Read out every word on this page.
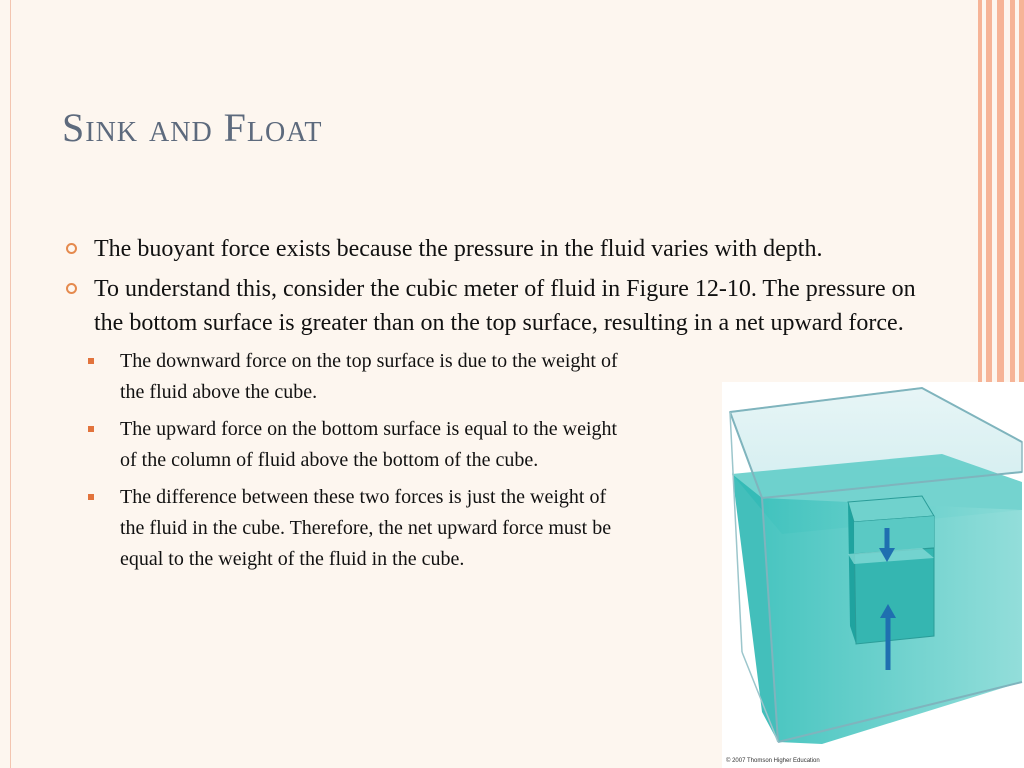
Sink and Float
The buoyant force exists because the pressure in the fluid varies with depth.
To understand this, consider the cubic meter of fluid in Figure 12-10. The pressure on the bottom surface is greater than on the top surface, resulting in a net upward force.
The downward force on the top surface is due to the weight of the fluid above the cube.
The upward force on the bottom surface is equal to the weight of the column of fluid above the bottom of the cube.
The difference between these two forces is just the weight of the fluid in the cube. Therefore, the net upward force must be equal to the weight of the fluid in the cube.
© 2007 Thomson Higher Education
